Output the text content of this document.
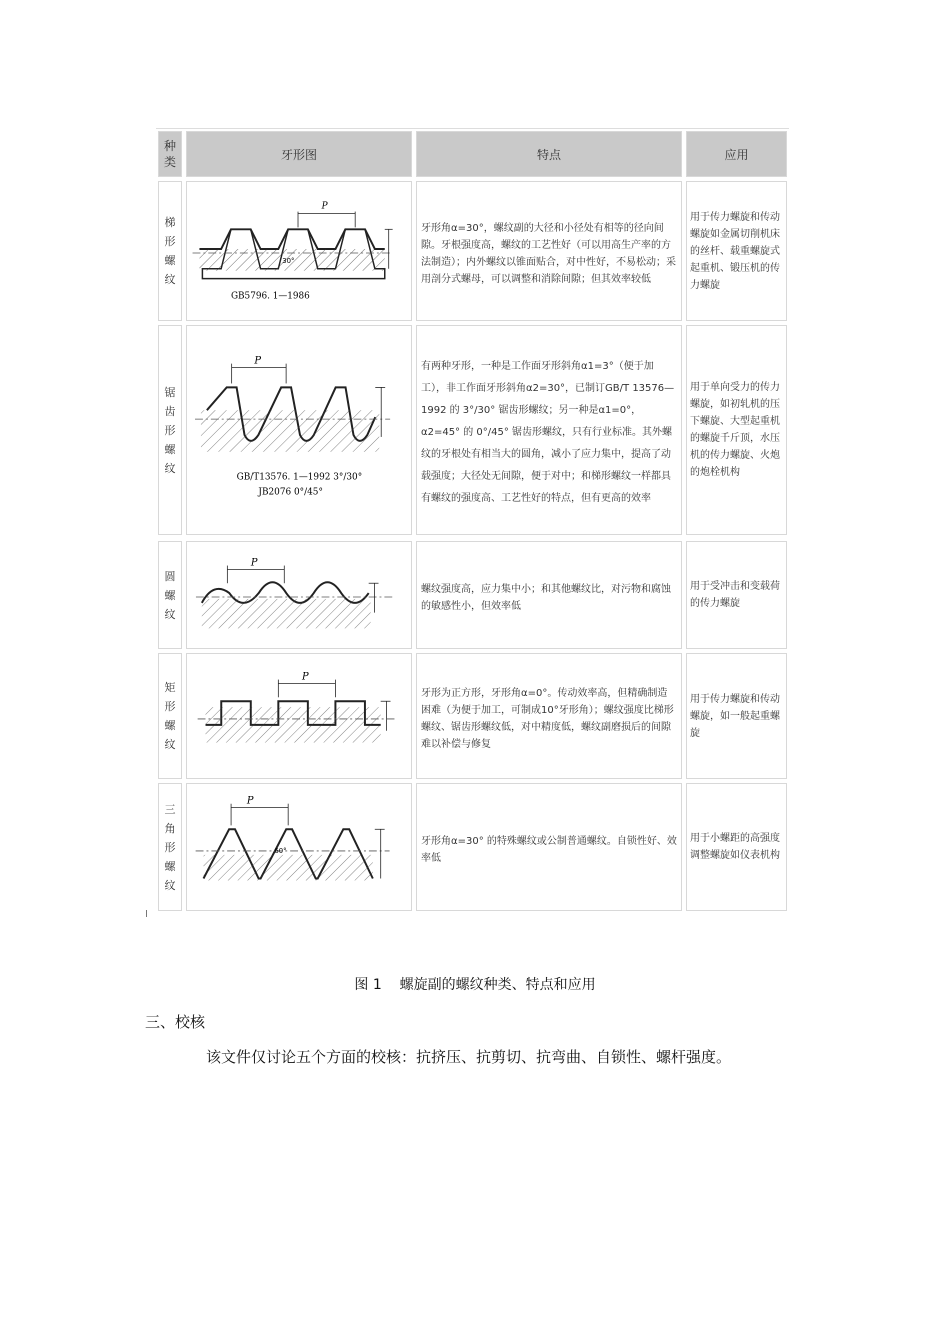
种类
牙形图	特点	应用
梯形螺纹
P
30°
GB5796. 1—1986
牙形角α=30°，螺纹副的大径和小径处有相等的径向间隙。牙根强度高，螺纹的工艺性好（可以用高生产率的方法制造）；内外螺纹以锥面贴合，对中性好，不易松动；采用剖分式螺母，可以调整和消除间隙；但其效率较低
用于传力螺旋和传动螺旋如金属切削机床的丝杆、载重螺旋式起重机、锻压机的传力螺旋
锯齿形螺纹
P
GB/T13576. 1—1992 3°/30°
JB2076 0°/45°
有两种牙形，一种是工作面牙形斜角α1=3°（便于加工），非工作面牙形斜角α2=30°，已制订GB/T 13576—1992 的 3°/30° 锯齿形螺纹；另一种是α1=0°，α2=45° 的 0°/45° 锯齿形螺纹，只有行业标准。其外螺纹的牙根处有相当大的圆角，减小了应力集中，提高了动载强度；大径处无间隙，便于对中；和梯形螺纹一样都具有螺纹的强度高、工艺性好的特点，但有更高的效率
用于单向受力的传力螺旋，如初轧机的压下螺旋、大型起重机的螺旋千斤顶，水压机的传力螺旋、火炮的炮栓机构
圆螺纹
P
螺纹强度高，应力集中小；和其他螺纹比，对污物和腐蚀的敏感性小，但效率低
用于受冲击和变载荷的传力螺旋
矩形螺纹
P
牙形为正方形，牙形角α=0°。传动效率高，但精确制造困难（为便于加工，可制成10°牙形角）；螺纹强度比梯形螺纹、锯齿形螺纹低，对中精度低，螺纹副磨损后的间隙难以补偿与修复
用于传力螺旋和传动螺旋，如一般起重螺旋
三角形螺纹
P
60°
牙形角α=30° 的特殊螺纹或公制普通螺纹。自锁性好、效率低
用于小螺距的高强度调整螺旋如仪表机构
图 1    螺旋副的螺纹种类、特点和应用
三、校核
该文件仅讨论五个方面的校核：抗挤压、抗剪切、抗弯曲、自锁性、螺杆强度。
